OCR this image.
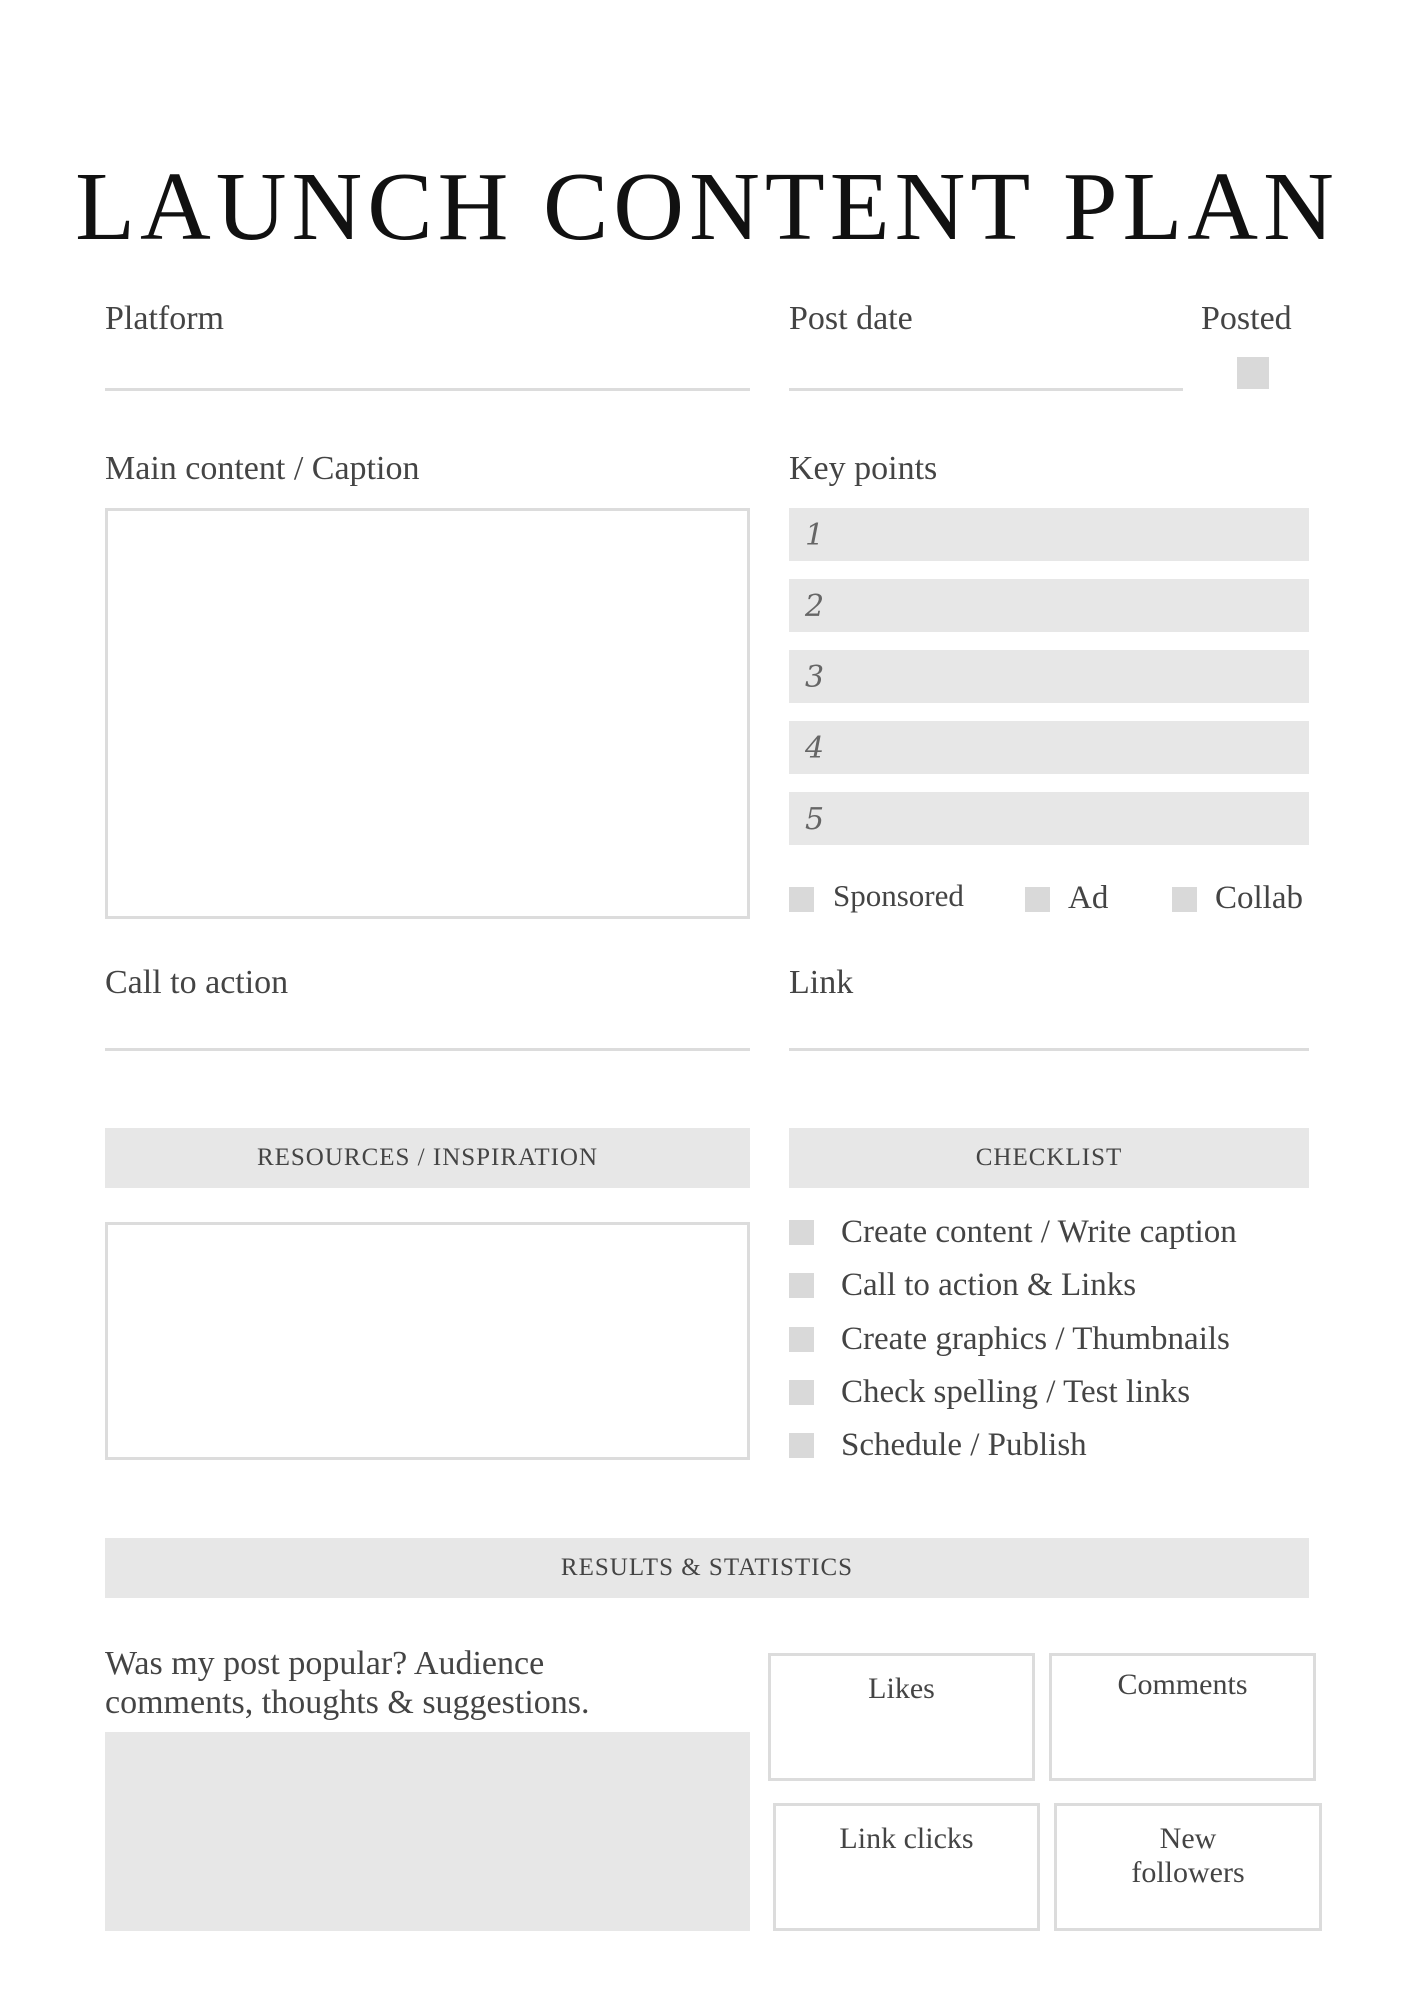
LAUNCH CONTENT PLAN
Platform	Post date	Posted
Main content / Caption	Key points
1
2
3
4
5
Sponsored	Ad	Collab
Call to action	Link
RESOURCES / INSPIRATION	CHECKLIST
Create content / Write caption
Call to action & Links
Create graphics / Thumbnails
Check spelling / Test links
Schedule / Publish
RESULTS & STATISTICS
Was my post popular? Audience
comments, thoughts & suggestions.	Likes	Comments
Link clicks	New
followers
